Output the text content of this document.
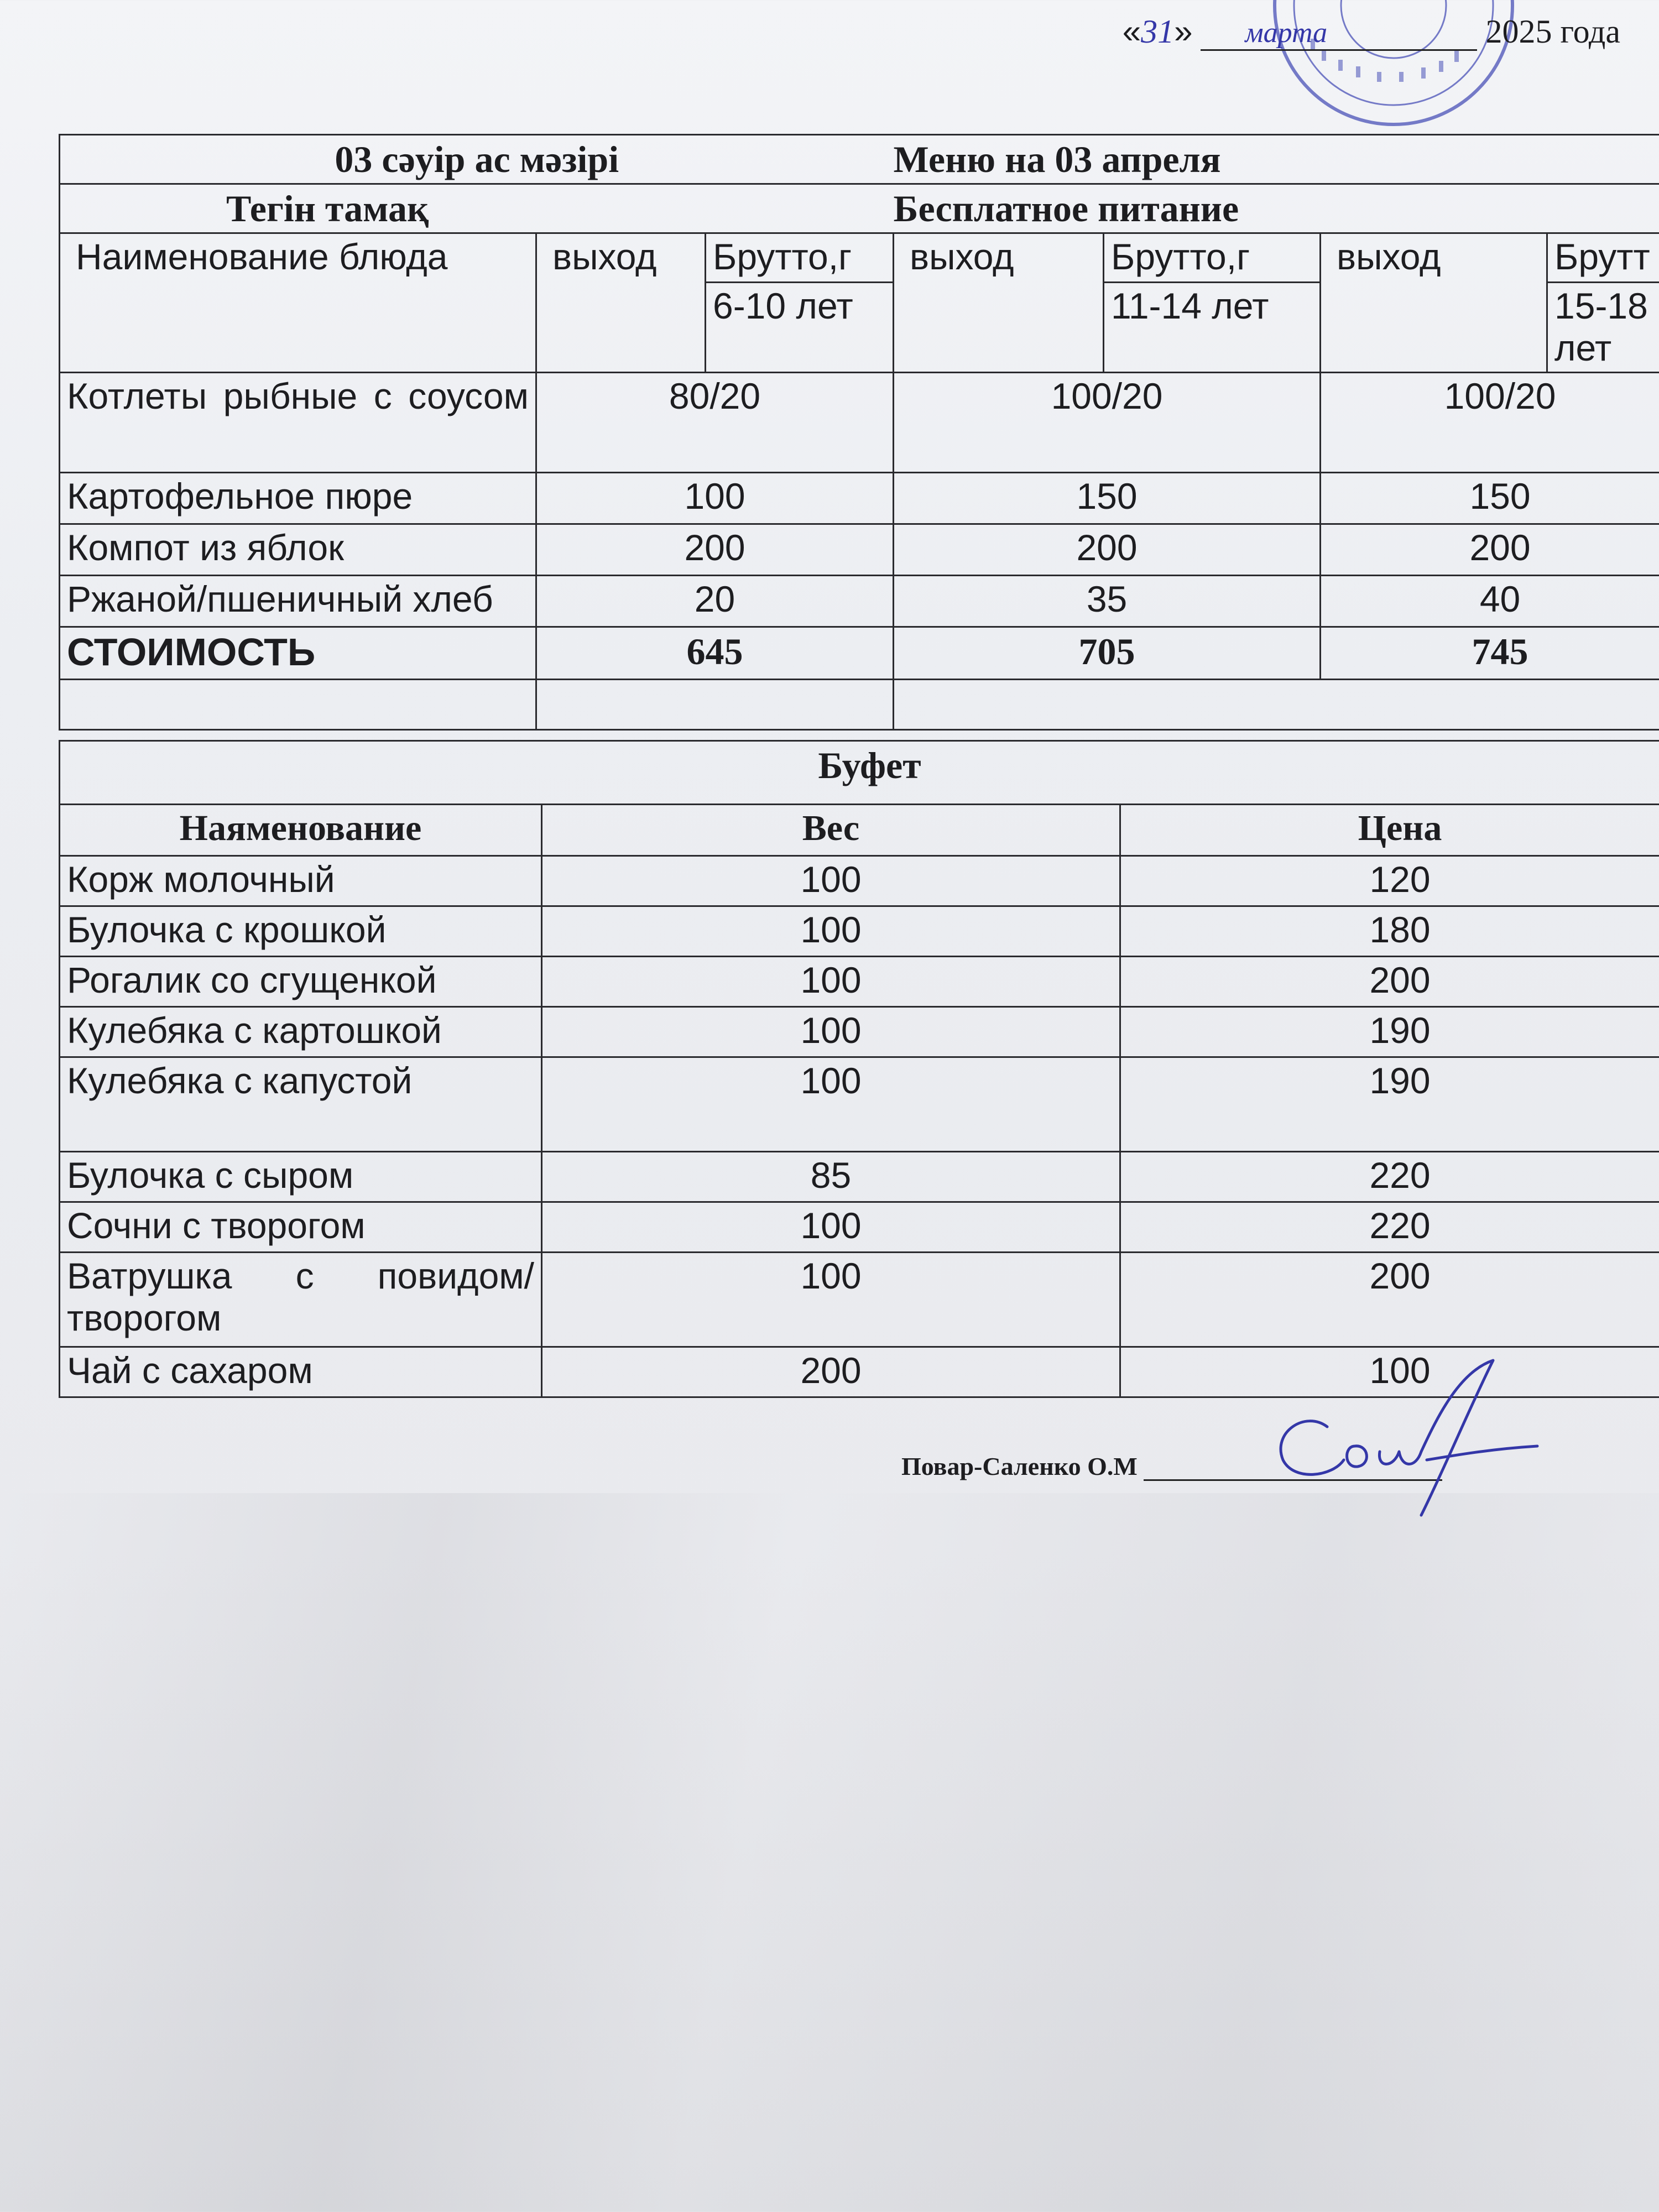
«31» марта	2025 года
03 сәуір ас мәзірі			Меню на 03 апреля			
Тегін тамақ			Бесплатное питание			
Наименование блюда	выход	Брутто,г	выход	Брутто,г	выход	Брутт
		6-10 лет		11-14 лет		15-18 лет
Котлеты рыбные с соусом	80/20		100/20		100/20	
Картофельное пюре	100		150		150	
Компот из яблок	200		200		200	
Ржаной/пшеничный хлеб	20		35		40	
СТОИМОСТЬ	645		705		745	

Буфет		
Наяменование	Вес	Цена
Корж молочный	100	120
Булочка с крошкой	100	180
Рогалик со сгущенкой	100	200
Кулебяка с картошкой	100	190
Кулебяка с капустой	100	190
Булочка с сыром	85	220
Сочни с творогом	100	220
Ватрушка с повидом/творогом	100	200
Чай с сахаром	200	100
Повар-Саленко О.М
